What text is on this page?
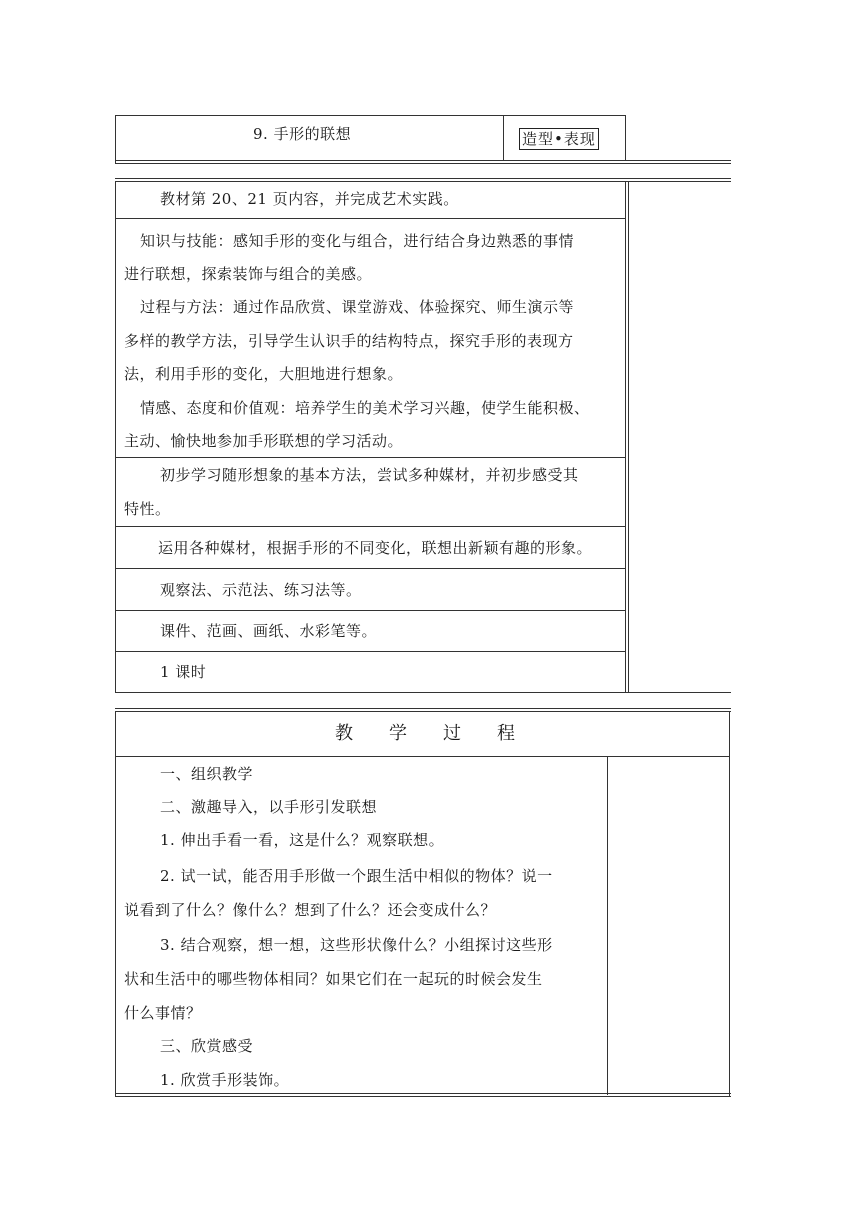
9. 手形的联想	造型•表现
教材第 20、21 页内容，并完成艺术实践。
知识与技能：感知手形的变化与组合，进行结合身边熟悉的事情
进行联想，探索装饰与组合的美感。
过程与方法：通过作品欣赏、课堂游戏、体验探究、师生演示等
多样的教学方法，引导学生认识手的结构特点，探究手形的表现方
法，利用手形的变化，大胆地进行想象。
情感、态度和价值观：培养学生的美术学习兴趣，使学生能积极、
主动、愉快地参加手形联想的学习活动。
初步学习随形想象的基本方法，尝试多种媒材，并初步感受其
特性。
运用各种媒材，根据手形的不同变化，联想出新颖有趣的形象。
观察法、示范法、练习法等。
课件、范画、画纸、水彩笔等。
1 课时
教　　学　　过　　程
一、组织教学
二、激趣导入，以手形引发联想
1. 伸出手看一看，这是什么？观察联想。
2. 试一试，能否用手形做一个跟生活中相似的物体？说一
说看到了什么？像什么？想到了什么？还会变成什么？
3. 结合观察，想一想，这些形状像什么？小组探讨这些形
状和生活中的哪些物体相同？如果它们在一起玩的时候会发生
什么事情？
三、欣赏感受
1. 欣赏手形装饰。
